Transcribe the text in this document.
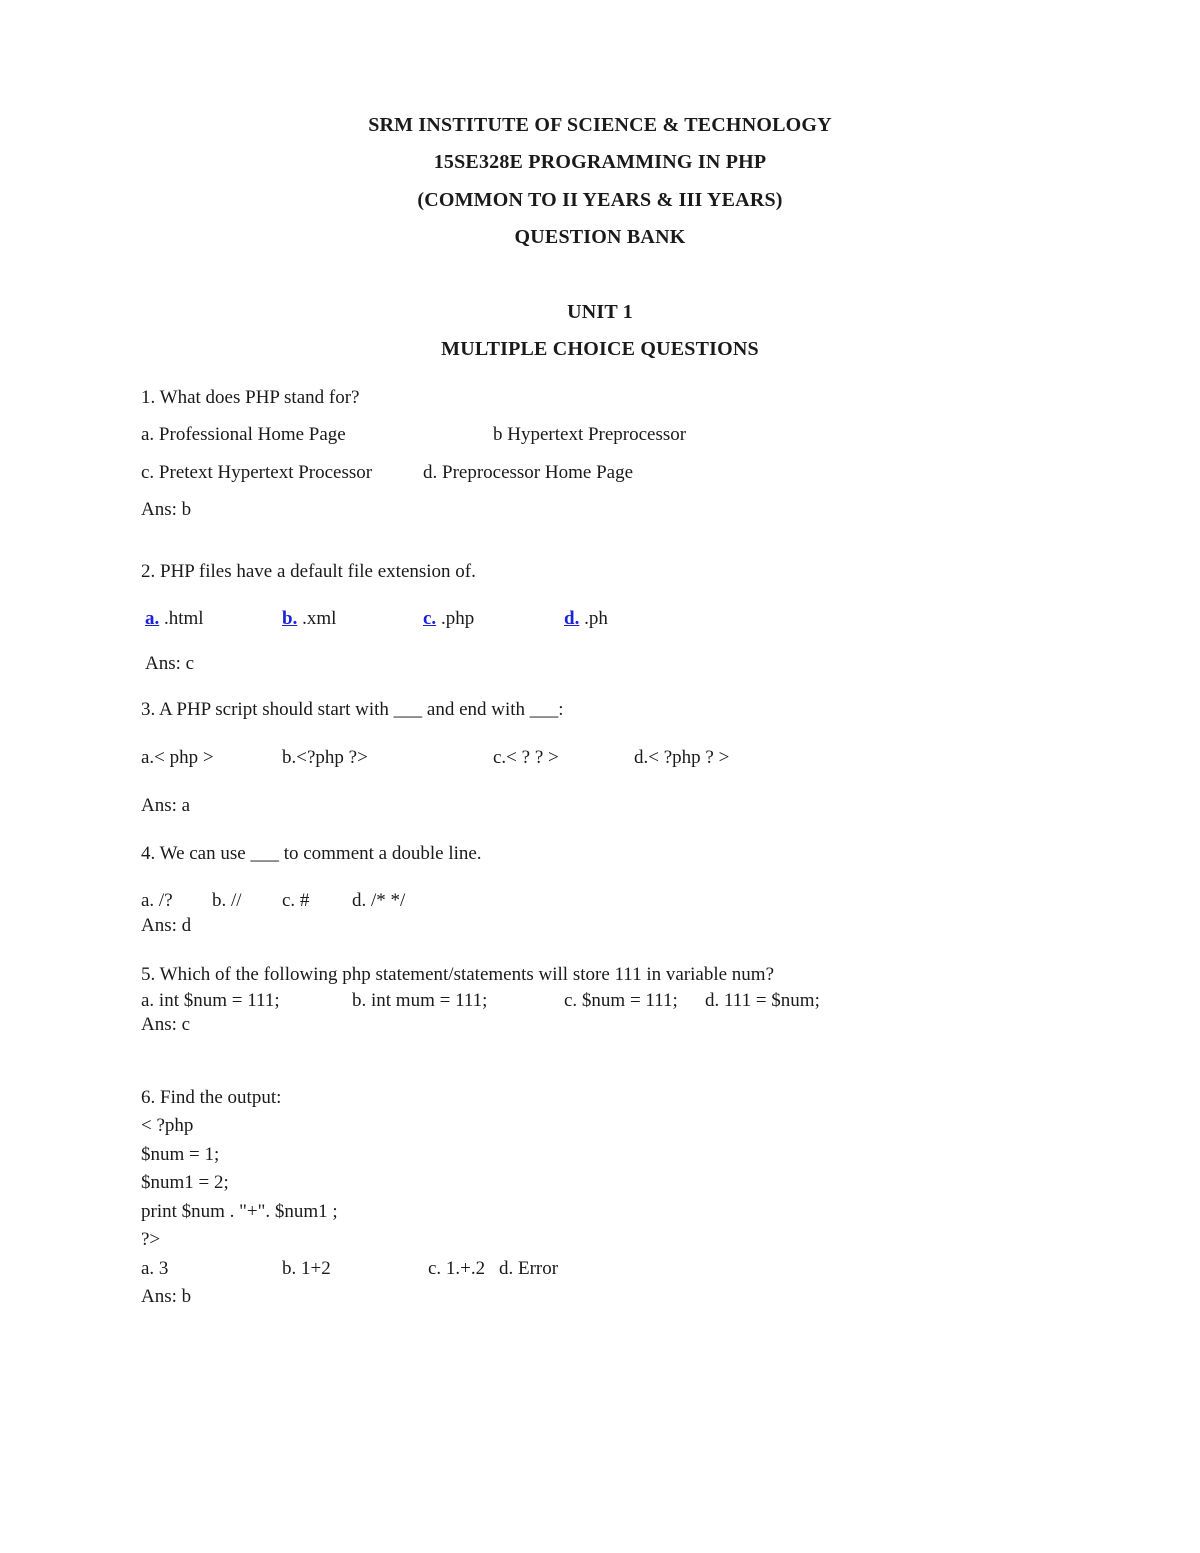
SRM INSTITUTE OF SCIENCE & TECHNOLOGY
15SE328E PROGRAMMING IN PHP
(COMMON TO II YEARS & III YEARS)
QUESTION BANK
UNIT 1
MULTIPLE CHOICE QUESTIONS
1. What does PHP stand for?
a. Professional Home Page	b Hypertext Preprocessor
c. Pretext Hypertext Processor	d. Preprocessor Home Page
Ans: b
2. PHP files have a default file extension of.
a. .html	b. .xml	c. .php	d. .ph
Ans: c
3. A PHP script should start with ___ and end with ___:
a.< php >	b.<?php ?>	c.< ? ? >	d.< ?php ? >
Ans: a
4. We can use ___ to comment a double line.
a. /? b. // c. # d. /* */
Ans: d
5. Which of the following php statement/statements will store 111 in variable num?
a. int $num = 111;	b. int mum = 111;	c. $num = 111; d. 111 = $num;
Ans: c
6. Find the output:
< ?php
$num = 1;
$num1 = 2;
print $num . "+". $num1 ;
?>
a. 3	b. 1+2	c. 1.+.2 d. Error
Ans: b
